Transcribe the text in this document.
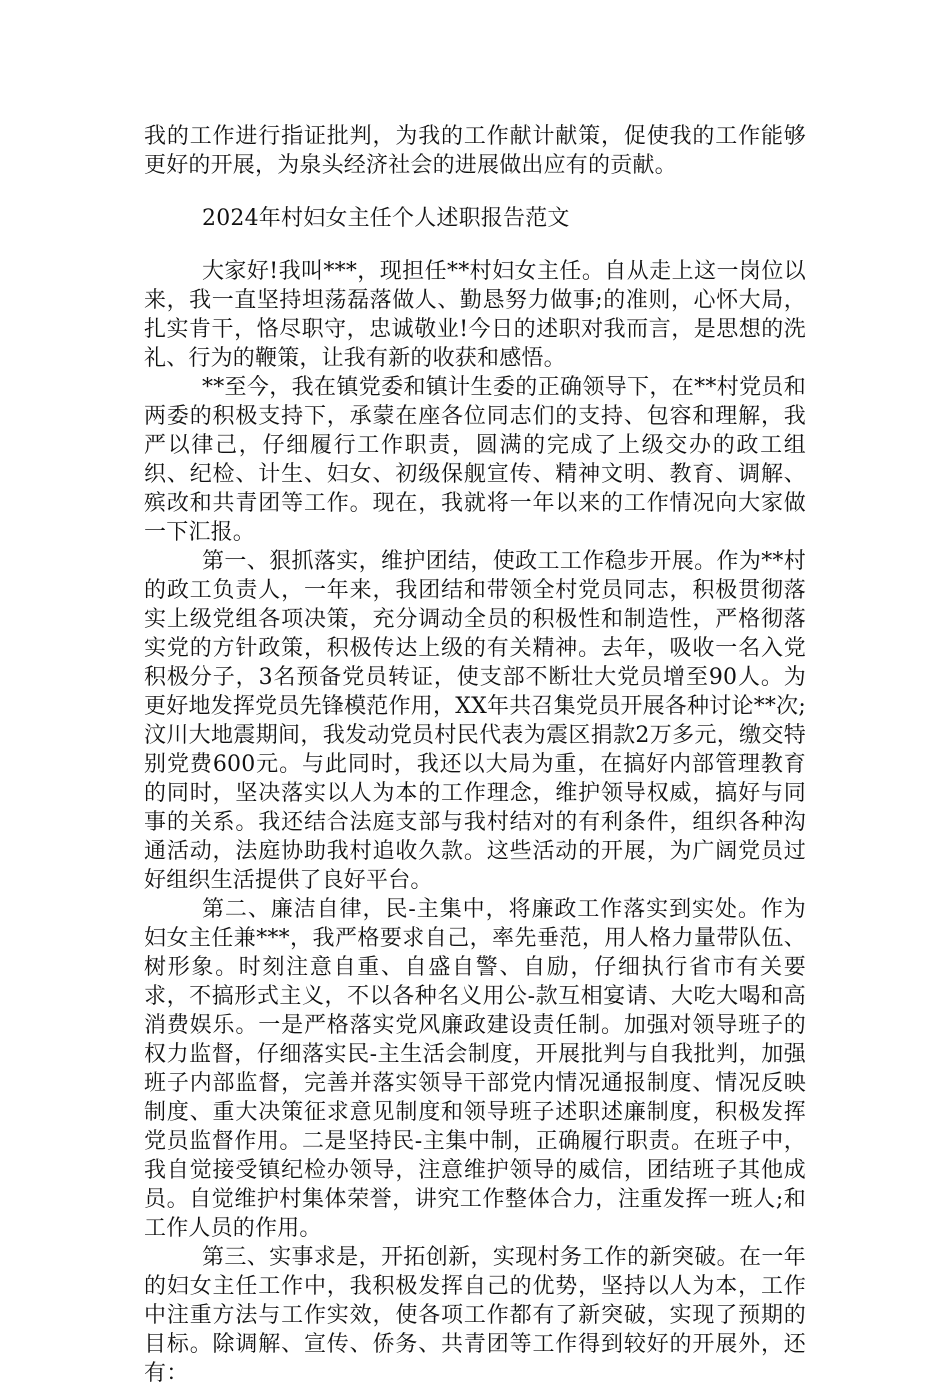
我的工作进行指证批判，为我的工作献计献策，促使我的工作能够更好的开展，为泉头经济社会的进展做出应有的贡献。

2024年村妇女主任个人述职报告范文

大家好!我叫***，现担任**村妇女主任。自从走上这一岗位以来，我一直坚持坦荡磊落做人、勤恳努力做事;的准则，心怀大局，扎实肯干，恪尽职守，忠诚敬业!今日的述职对我而言，是思想的洗礼、行为的鞭策，让我有新的收获和感悟。

**至今，我在镇党委和镇计生委的正确领导下，在**村党员和两委的积极支持下，承蒙在座各位同志们的支持、包容和理解，我严以律己，仔细履行工作职责，圆满的完成了上级交办的政工组织、纪检、计生、妇女、初级保舰宣传、精神文明、教育、调解、殡改和共青团等工作。现在，我就将一年以来的工作情况向大家做一下汇报。

第一、狠抓落实，维护团结，使政工工作稳步开展。作为**村的政工负责人，一年来，我团结和带领全村党员同志，积极贯彻落实上级党组各项决策，充分调动全员的积极性和制造性，严格彻落实党的方针政策，积极传达上级的有关精神。去年，吸收一名入党积极分子，3名预备党员转证，使支部不断壮大党员增至90人。为更好地发挥党员先锋模范作用，XX年共召集党员开展各种讨论**次;汶川大地震期间，我发动党员村民代表为震区捐款2万多元，缴交特别党费600元。与此同时，我还以大局为重，在搞好内部管理教育的同时，坚决落实以人为本的工作理念，维护领导权威，搞好与同事的关系。我还结合法庭支部与我村结对的有利条件，组织各种沟通活动，法庭协助我村追收久款。这些活动的开展，为广阔党员过好组织生活提供了良好平台。

第二、廉洁自律，民-主集中，将廉政工作落实到实处。作为妇女主任兼***，我严格要求自己，率先垂范，用人格力量带队伍、树形象。时刻注意自重、自盛自警、自励，仔细执行省市有关要求，不搞形式主义，不以各种名义用公-款互相宴请、大吃大喝和高消费娱乐。一是严格落实党风廉政建设责任制。加强对领导班子的权力监督，仔细落实民-主生活会制度，开展批判与自我批判，加强班子内部监督，完善并落实领导干部党内情况通报制度、情况反映制度、重大决策征求意见制度和领导班子述职述廉制度，积极发挥党员监督作用。二是坚持民-主集中制，正确履行职责。在班子中，我自觉接受镇纪检办领导，注意维护领导的威信，团结班子其他成员。自觉维护村集体荣誉，讲究工作整体合力，注重发挥一班人;和工作人员的作用。

第三、实事求是，开拓创新，实现村务工作的新突破。在一年的妇女主任工作中，我积极发挥自己的优势，坚持以人为本，工作中注重方法与工作实效，使各项工作都有了新突破，实现了预期的目标。除调解、宣传、侨务、共青团等工作得到较好的开展外，还有：
